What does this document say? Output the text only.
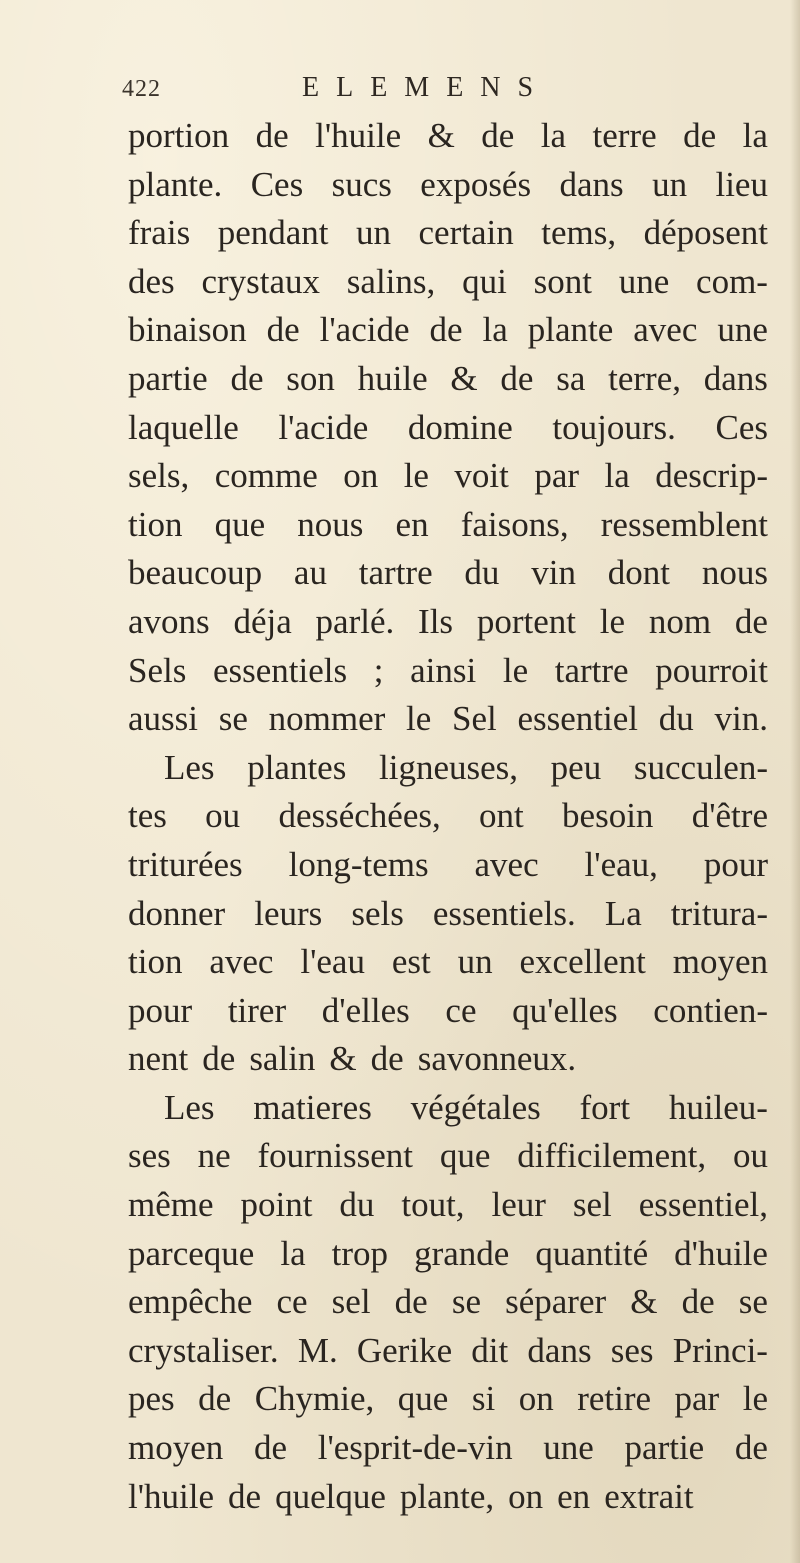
422	ELEMENS
portion de l'huile & de la terre de la
plante. Ces sucs exposés dans un lieu
frais pendant un certain tems, déposent
des crystaux salins, qui sont une com-
binaison de l'acide de la plante avec une
partie de son huile & de sa terre, dans
laquelle l'acide domine toujours. Ces
sels, comme on le voit par la descrip-
tion que nous en faisons, ressemblent
beaucoup au tartre du vin dont nous
avons déja parlé. Ils portent le nom de
Sels essentiels ; ainsi le tartre pourroit
aussi se nommer le Sel essentiel du vin.
Les plantes ligneuses, peu succulen-
tes ou desséchées, ont besoin d'être
triturées long-tems avec l'eau, pour
donner leurs sels essentiels. La tritura-
tion avec l'eau est un excellent moyen
pour tirer d'elles ce qu'elles contien-
nent de salin & de savonneux.
Les matieres végétales fort huileu-
ses ne fournissent que difficilement, ou
même point du tout, leur sel essentiel,
parceque la trop grande quantité d'huile
empêche ce sel de se séparer & de se
crystaliser. M. Gerike dit dans ses Princi-
pes de Chymie, que si on retire par le
moyen de l'esprit-de-vin une partie de
l'huile de quelque plante, on en extrait
